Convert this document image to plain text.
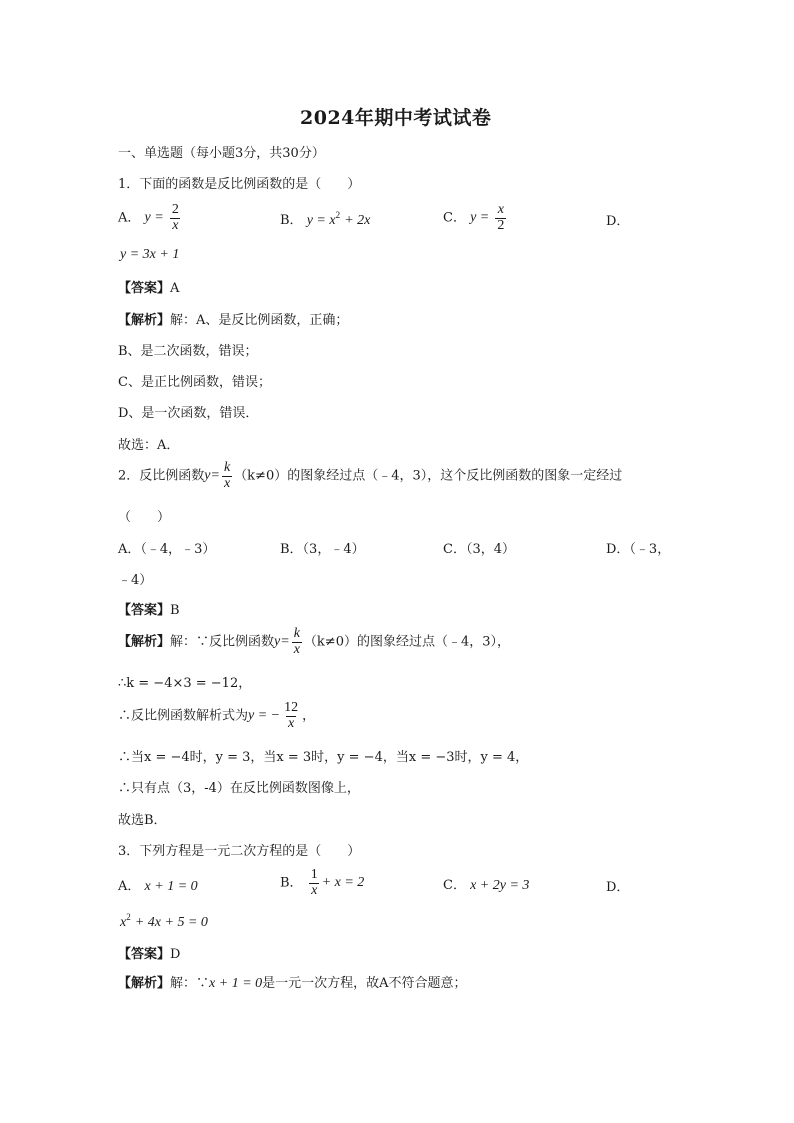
2024年期中考试试卷
一、单选题（每小题3分，共30分）
1．下面的函数是反比例函数的是（　　）
A． $y = \frac{2}{x}$	B． $y = x^2 + 2x$	C． $y = \frac{x}{2}$	D．
y = 3x + 1
【答案】A
【解析】解：A、是反比例函数，正确；
B、是二次函数，错误；
C、是正比例函数，错误；
D、是一次函数，错误．
故选：A．
2．反比例函数$y= \frac{k}{x} (k\ne 0)$的图象经过点（﹣4，3），这个反比例函数的图象一定经过
（　　）
A．（﹣4，﹣3）	B．（3，﹣4）	C．（3，4）	D．（﹣3，
﹣4）
【答案】B
【解析】解：∵反比例函数$y= \frac{k}{x} (k\ne 0)$的图象经过点（﹣4，3），
∴k = −4×3 = −12，
∴反比例函数解析式为y = − $\frac{12}{x}$ ，
∴当x = −4时，y = 3，当x = 3时，y = −4，当x = −3时，y = 4，
∴只有点（3，-4）在反比例函数图像上，
故选B．
3．下列方程是一元二次方程的是（　　）
A． x + 1 = 0	B． $\frac{1}{x} + x = 2$	C． x + 2y = 3	D．
$x^2 + 4x + 5 = 0$
【答案】D
【解析】解：∵x + 1 = 0是一元一次方程，故A不符合题意；
